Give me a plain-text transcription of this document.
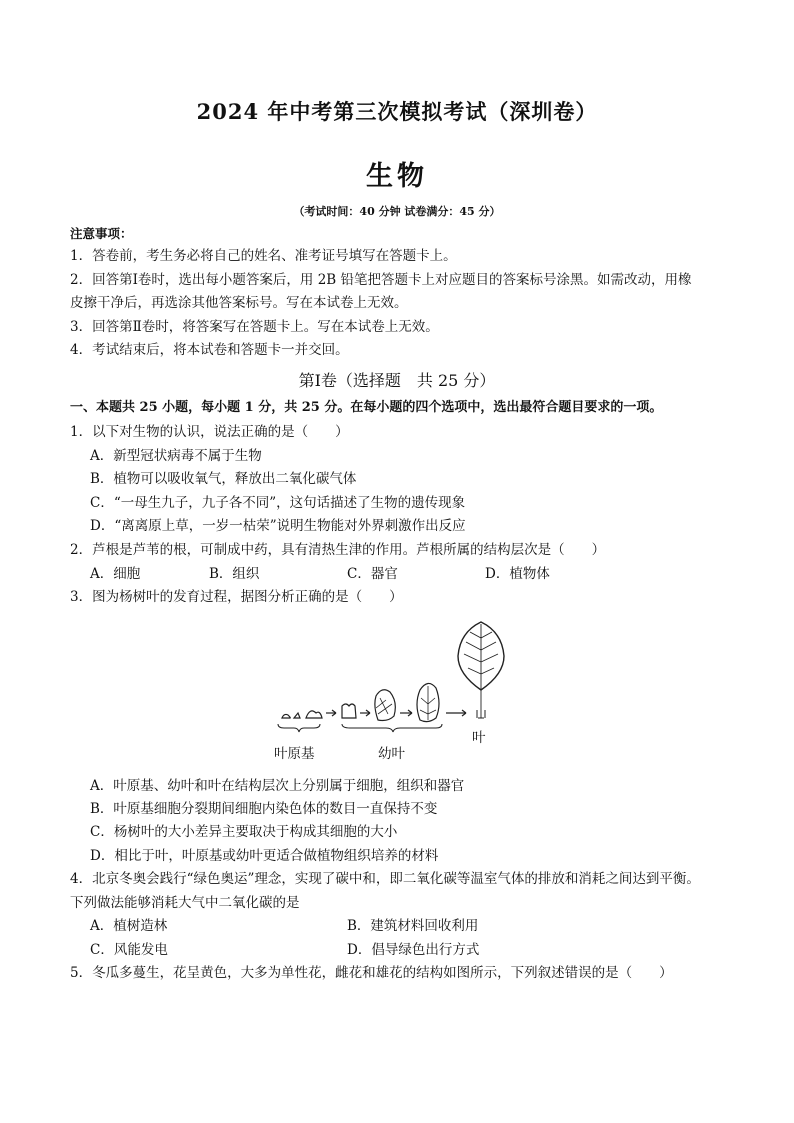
2024 年中考第三次模拟考试（深圳卷）
生物
（考试时间：40 分钟 试卷满分：45 分）
注意事项：
1．答卷前，考生务必将自己的姓名、准考证号填写在答题卡上。
2．回答第Ⅰ卷时，选出每小题答案后，用 2B 铅笔把答题卡上对应题目的答案标号涂黑。如需改动，用橡
皮擦干净后，再选涂其他答案标号。写在本试卷上无效。
3．回答第Ⅱ卷时，将答案写在答题卡上。写在本试卷上无效。
4．考试结束后，将本试卷和答题卡一并交回。
第Ⅰ卷（选择题　共 25 分）
一、本题共 25 小题，每小题 1 分，共 25 分。在每小题的四个选项中，选出最符合题目要求的一项。
1．以下对生物的认识，说法正确的是（　　）
A．新型冠状病毒不属于生物
B．植物可以吸收氧气，释放出二氧化碳气体
C．“一母生九子，九子各不同”，这句话描述了生物的遗传现象
D．“离离原上草，一岁一枯荣”说明生物能对外界刺激作出反应
2．芦根是芦苇的根，可制成中药，具有清热生津的作用。芦根所属的结构层次是（　　）
A．细胞	B．组织	C．器官	D．植物体
3．图为杨树叶的发育过程，据图分析正确的是（　　）
叶原基	幼叶
叶
A．叶原基、幼叶和叶在结构层次上分别属于细胞，组织和器官
B．叶原基细胞分裂期间细胞内染色体的数目一直保持不变
C．杨树叶的大小差异主要取决于构成其细胞的大小
D．相比于叶，叶原基或幼叶更适合做植物组织培养的材料
4．北京冬奥会践行“绿色奥运”理念，实现了碳中和，即二氧化碳等温室气体的排放和消耗之间达到平衡。
下列做法能够消耗大气中二氧化碳的是
A．植树造林	B．建筑材料回收利用
C．风能发电	D．倡导绿色出行方式
5．冬瓜多蔓生，花呈黄色，大多为单性花，雌花和雄花的结构如图所示，下列叙述错误的是（　　）
